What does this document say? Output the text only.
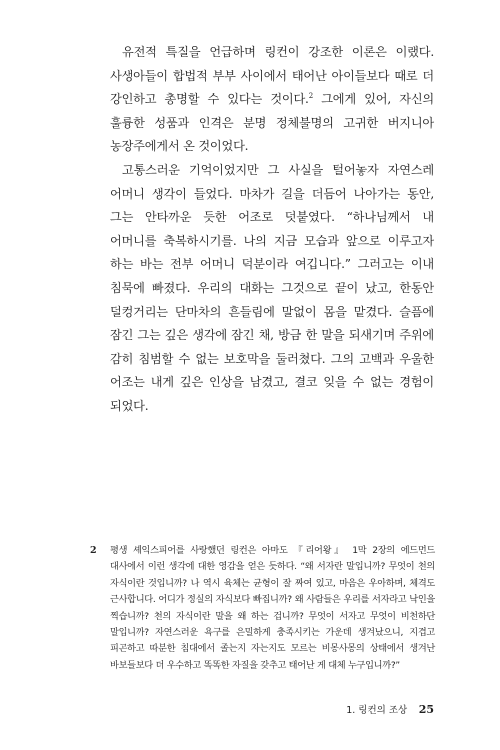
유전적 특질을 언급하며 링컨이 강조한 이론은 이랬다. 사생아들이 합법적 부부 사이에서 태어난 아이들보다 때로 더 강인하고 총명할 수 있다는 것이다.$^2$ 그에게 있어, 자신의 훌륭한 성품과 인격은 분명 정체불명의 고귀한 버지니아 농장주에게서 온 것이었다.

고통스러운 기억이었지만 그 사실을 털어놓자 자연스레 어머니 생각이 들었다. 마차가 길을 더듬어 나아가는 동안, 그는 안타까운 듯한 어조로 덧붙였다. “하나님께서 내 어머니를 축복하시기를. 나의 지금 모습과 앞으로 이루고자 하는 바는 전부 어머니 덕분이라 여깁니다.” 그러고는 이내 침묵에 빠졌다. 우리의 대화는 그것으로 끝이 났고, 한동안 덜컹거리는 단마차의 흔들림에 말없이 몸을 맡겼다. 슬픔에 잠긴 그는 깊은 생각에 잠긴 채, 방금 한 말을 되새기며 주위에 감히 침범할 수 없는 보호막을 둘러쳤다. 그의 고백과 우울한 어조는 내게 깊은 인상을 남겼고, 결코 잊을 수 없는 경험이 되었다.

2 평생 셰익스피어를 사랑했던 링컨은 아마도 『리어왕』 1막 2장의 에드먼드 대사에서 이런 생각에 대한 영감을 얻은 듯하다. “왜 서자란 말입니까? 무엇이 천의 자식이란 것입니까? 나 역시 육체는 균형이 잘 짜여 있고, 마음은 우아하며, 체격도 근사합니다. 어디가 정실의 자식보다 빠집니까? 왜 사람들은 우리를 서자라고 낙인을 찍습니까? 천의 자식이란 말을 왜 하는 겁니까? 무엇이 서자고 무엇이 비천하단 말입니까? 자연스러운 욕구를 은밀하게 충족시키는 가운데 생겨났으니, 지겹고 피곤하고 따분한 침대에서 졸는지 자는지도 모르는 비몽사몽의 상태에서 생겨난 바보들보다 더 우수하고 똑똑한 자질을 갖추고 태어난 게 대체 누구입니까?”
1. 링컨의 조상 25
